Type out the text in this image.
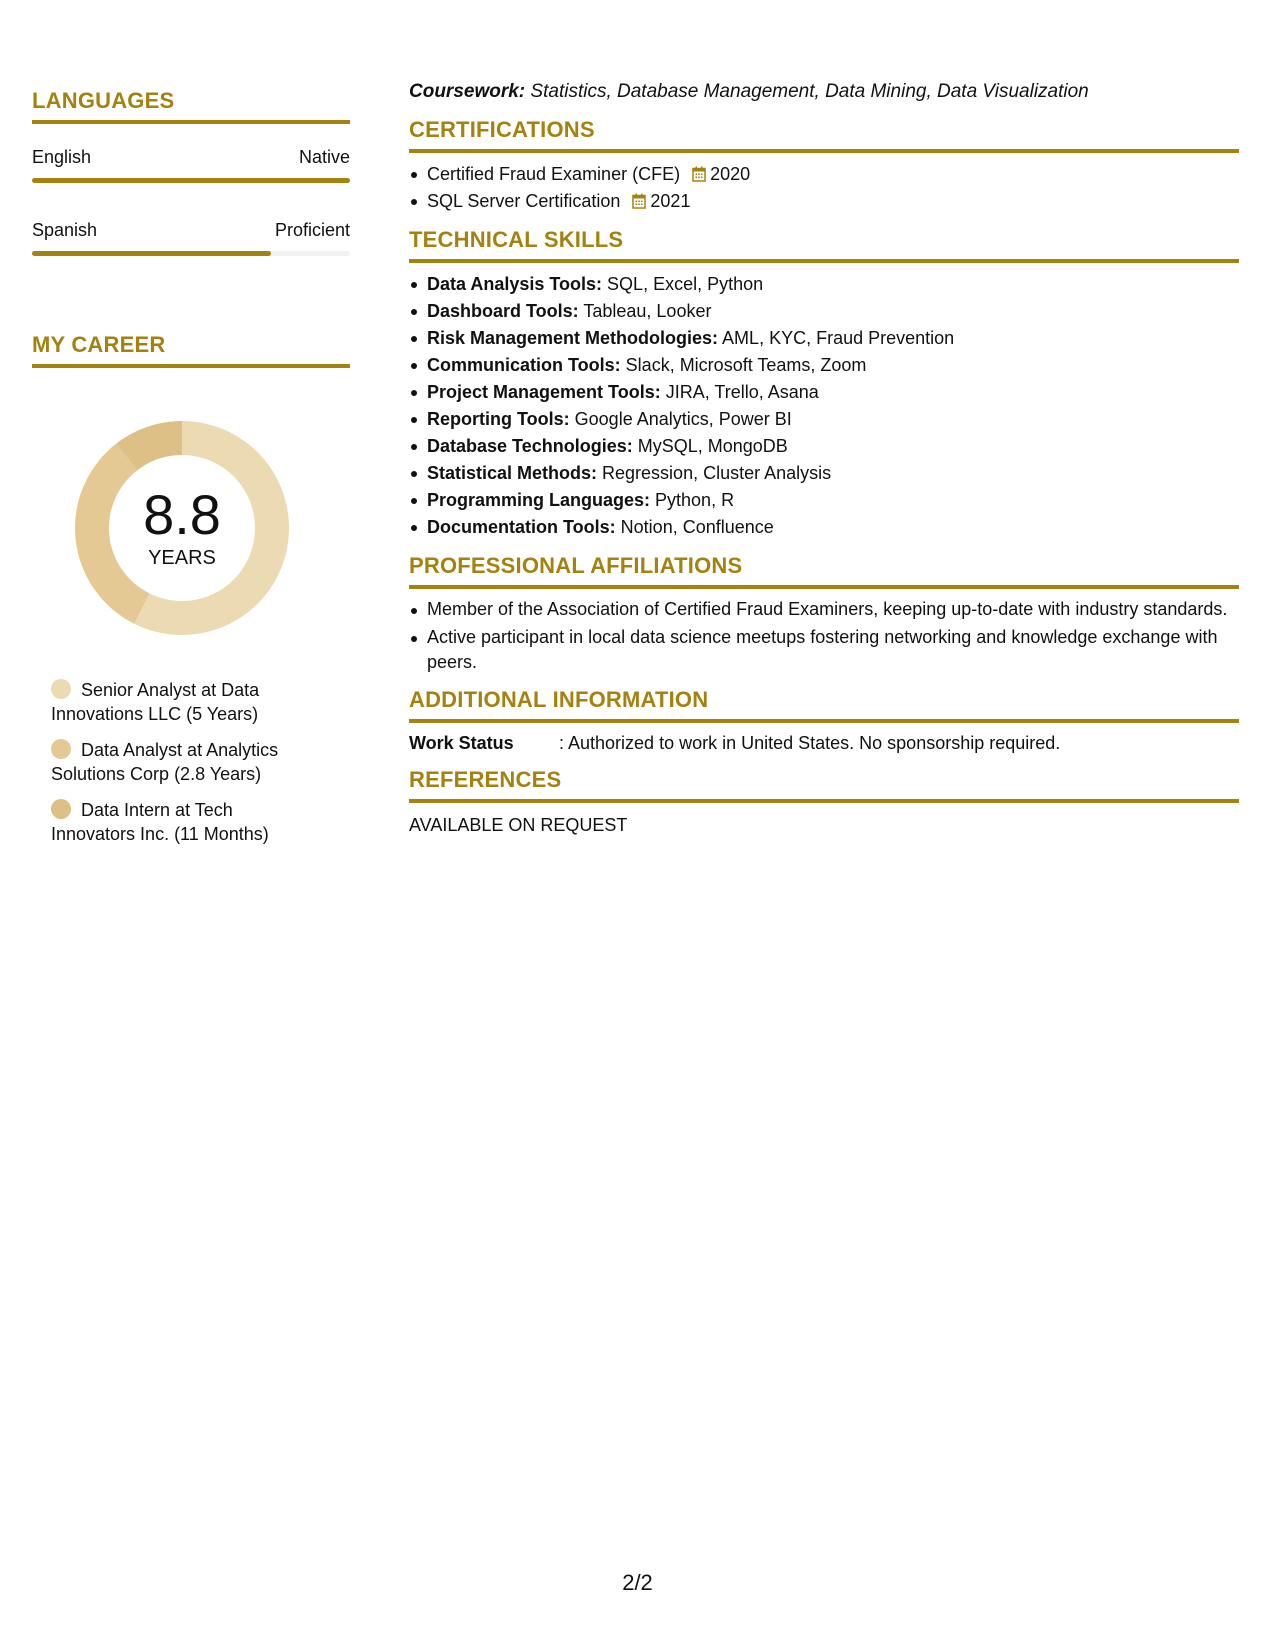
LANGUAGES
English	Native
Spanish	Proficient
MY CAREER
8.8
YEARS
Senior Analyst at Data Innovations LLC (5 Years)
Data Analyst at Analytics Solutions Corp (2.8 Years)
Data Intern at Tech Innovators Inc. (11 Months)
Coursework: Statistics, Database Management, Data Mining, Data Visualization
CERTIFICATIONS
Certified Fraud Examiner (CFE) 2020
SQL Server Certification 2021
TECHNICAL SKILLS
Data Analysis Tools: SQL, Excel, Python
Dashboard Tools: Tableau, Looker
Risk Management Methodologies: AML, KYC, Fraud Prevention
Communication Tools: Slack, Microsoft Teams, Zoom
Project Management Tools: JIRA, Trello, Asana
Reporting Tools: Google Analytics, Power BI
Database Technologies: MySQL, MongoDB
Statistical Methods: Regression, Cluster Analysis
Programming Languages: Python, R
Documentation Tools: Notion, Confluence
PROFESSIONAL AFFILIATIONS
Member of the Association of Certified Fraud Examiners, keeping up-to-date with industry standards.
Active participant in local data science meetups fostering networking and knowledge exchange with peers.
ADDITIONAL INFORMATION
Work Status	: Authorized to work in United States. No sponsorship required.
REFERENCES
AVAILABLE ON REQUEST
2/2
